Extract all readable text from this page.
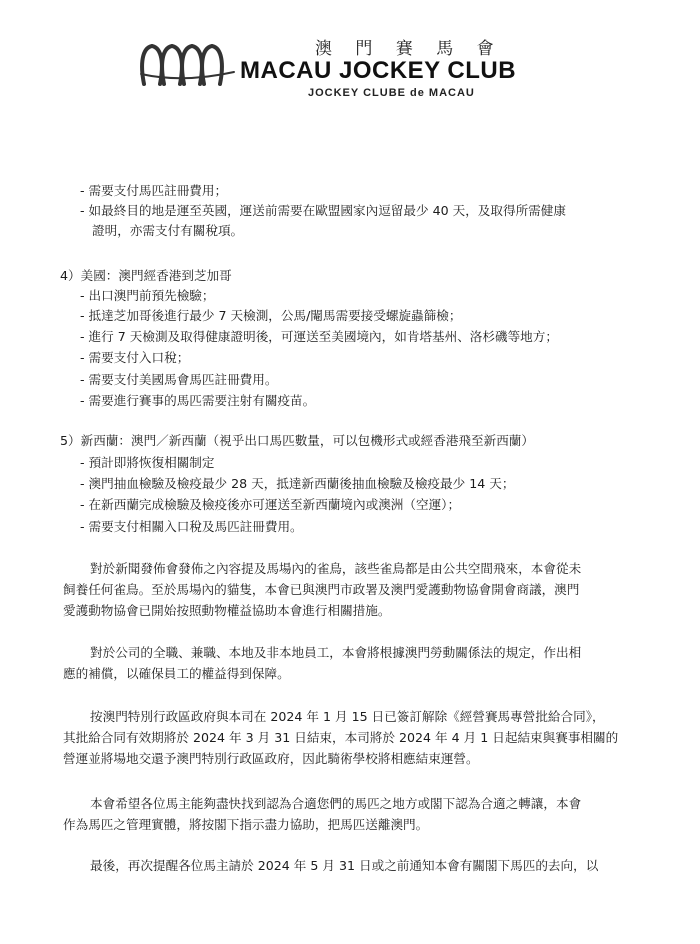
澳 門 賽 馬 會
MACAU JOCKEY CLUB
JOCKEY CLUBE de MACAU
- 需要支付馬匹註冊費用；
- 如最終目的地是運至英國，運送前需要在歐盟國家內逗留最少 40 天，及取得所需健康
證明，亦需支付有關稅項。
4）美國：澳門經香港到芝加哥
- 出口澳門前預先檢驗；
- 抵達芝加哥後進行最少 7 天檢測，公馬/閹馬需要接受螺旋蟲篩檢；
- 進行 7 天檢測及取得健康證明後，可運送至美國境內，如肯塔基州、洛杉磯等地方；
- 需要支付入口稅；
- 需要支付美國馬會馬匹註冊費用。
- 需要進行賽事的馬匹需要注射有關疫苗。
5）新西蘭：澳門／新西蘭（視乎出口馬匹數量，可以包機形式或經香港飛至新西蘭）
- 預計即將恢復相關制定
- 澳門抽血檢驗及檢疫最少 28 天，抵達新西蘭後抽血檢驗及檢疫最少 14 天；
- 在新西蘭完成檢驗及檢疫後亦可運送至新西蘭境內或澳洲（空運）；
- 需要支付相關入口稅及馬匹註冊費用。
對於新聞發佈會發佈之內容提及馬場內的雀鳥，該些雀鳥都是由公共空間飛來，本會從未
飼養任何雀鳥。至於馬場內的貓隻，本會已與澳門市政署及澳門愛護動物協會開會商議，澳門
愛護動物協會已開始按照動物權益協助本會進行相關措施。
對於公司的全職、兼職、本地及非本地員工，本會將根據澳門勞動關係法的規定，作出相
應的補償，以確保員工的權益得到保障。
按澳門特別行政區政府與本司在 2024 年 1 月 15 日已簽訂解除《經營賽馬專營批給合同》，
其批給合同有效期將於 2024 年 3 月 31 日結束，本司將於 2024 年 4 月 1 日起結束與賽事相關的
營運並將場地交還予澳門特別行政區政府，因此騎術學校將相應結束運營。
本會希望各位馬主能夠盡快找到認為合適您們的馬匹之地方或閣下認為合適之轉讓，本會
作為馬匹之管理實體，將按閣下指示盡力協助，把馬匹送離澳門。
最後，再次提醒各位馬主請於 2024 年 5 月 31 日或之前通知本會有關閣下馬匹的去向，以
